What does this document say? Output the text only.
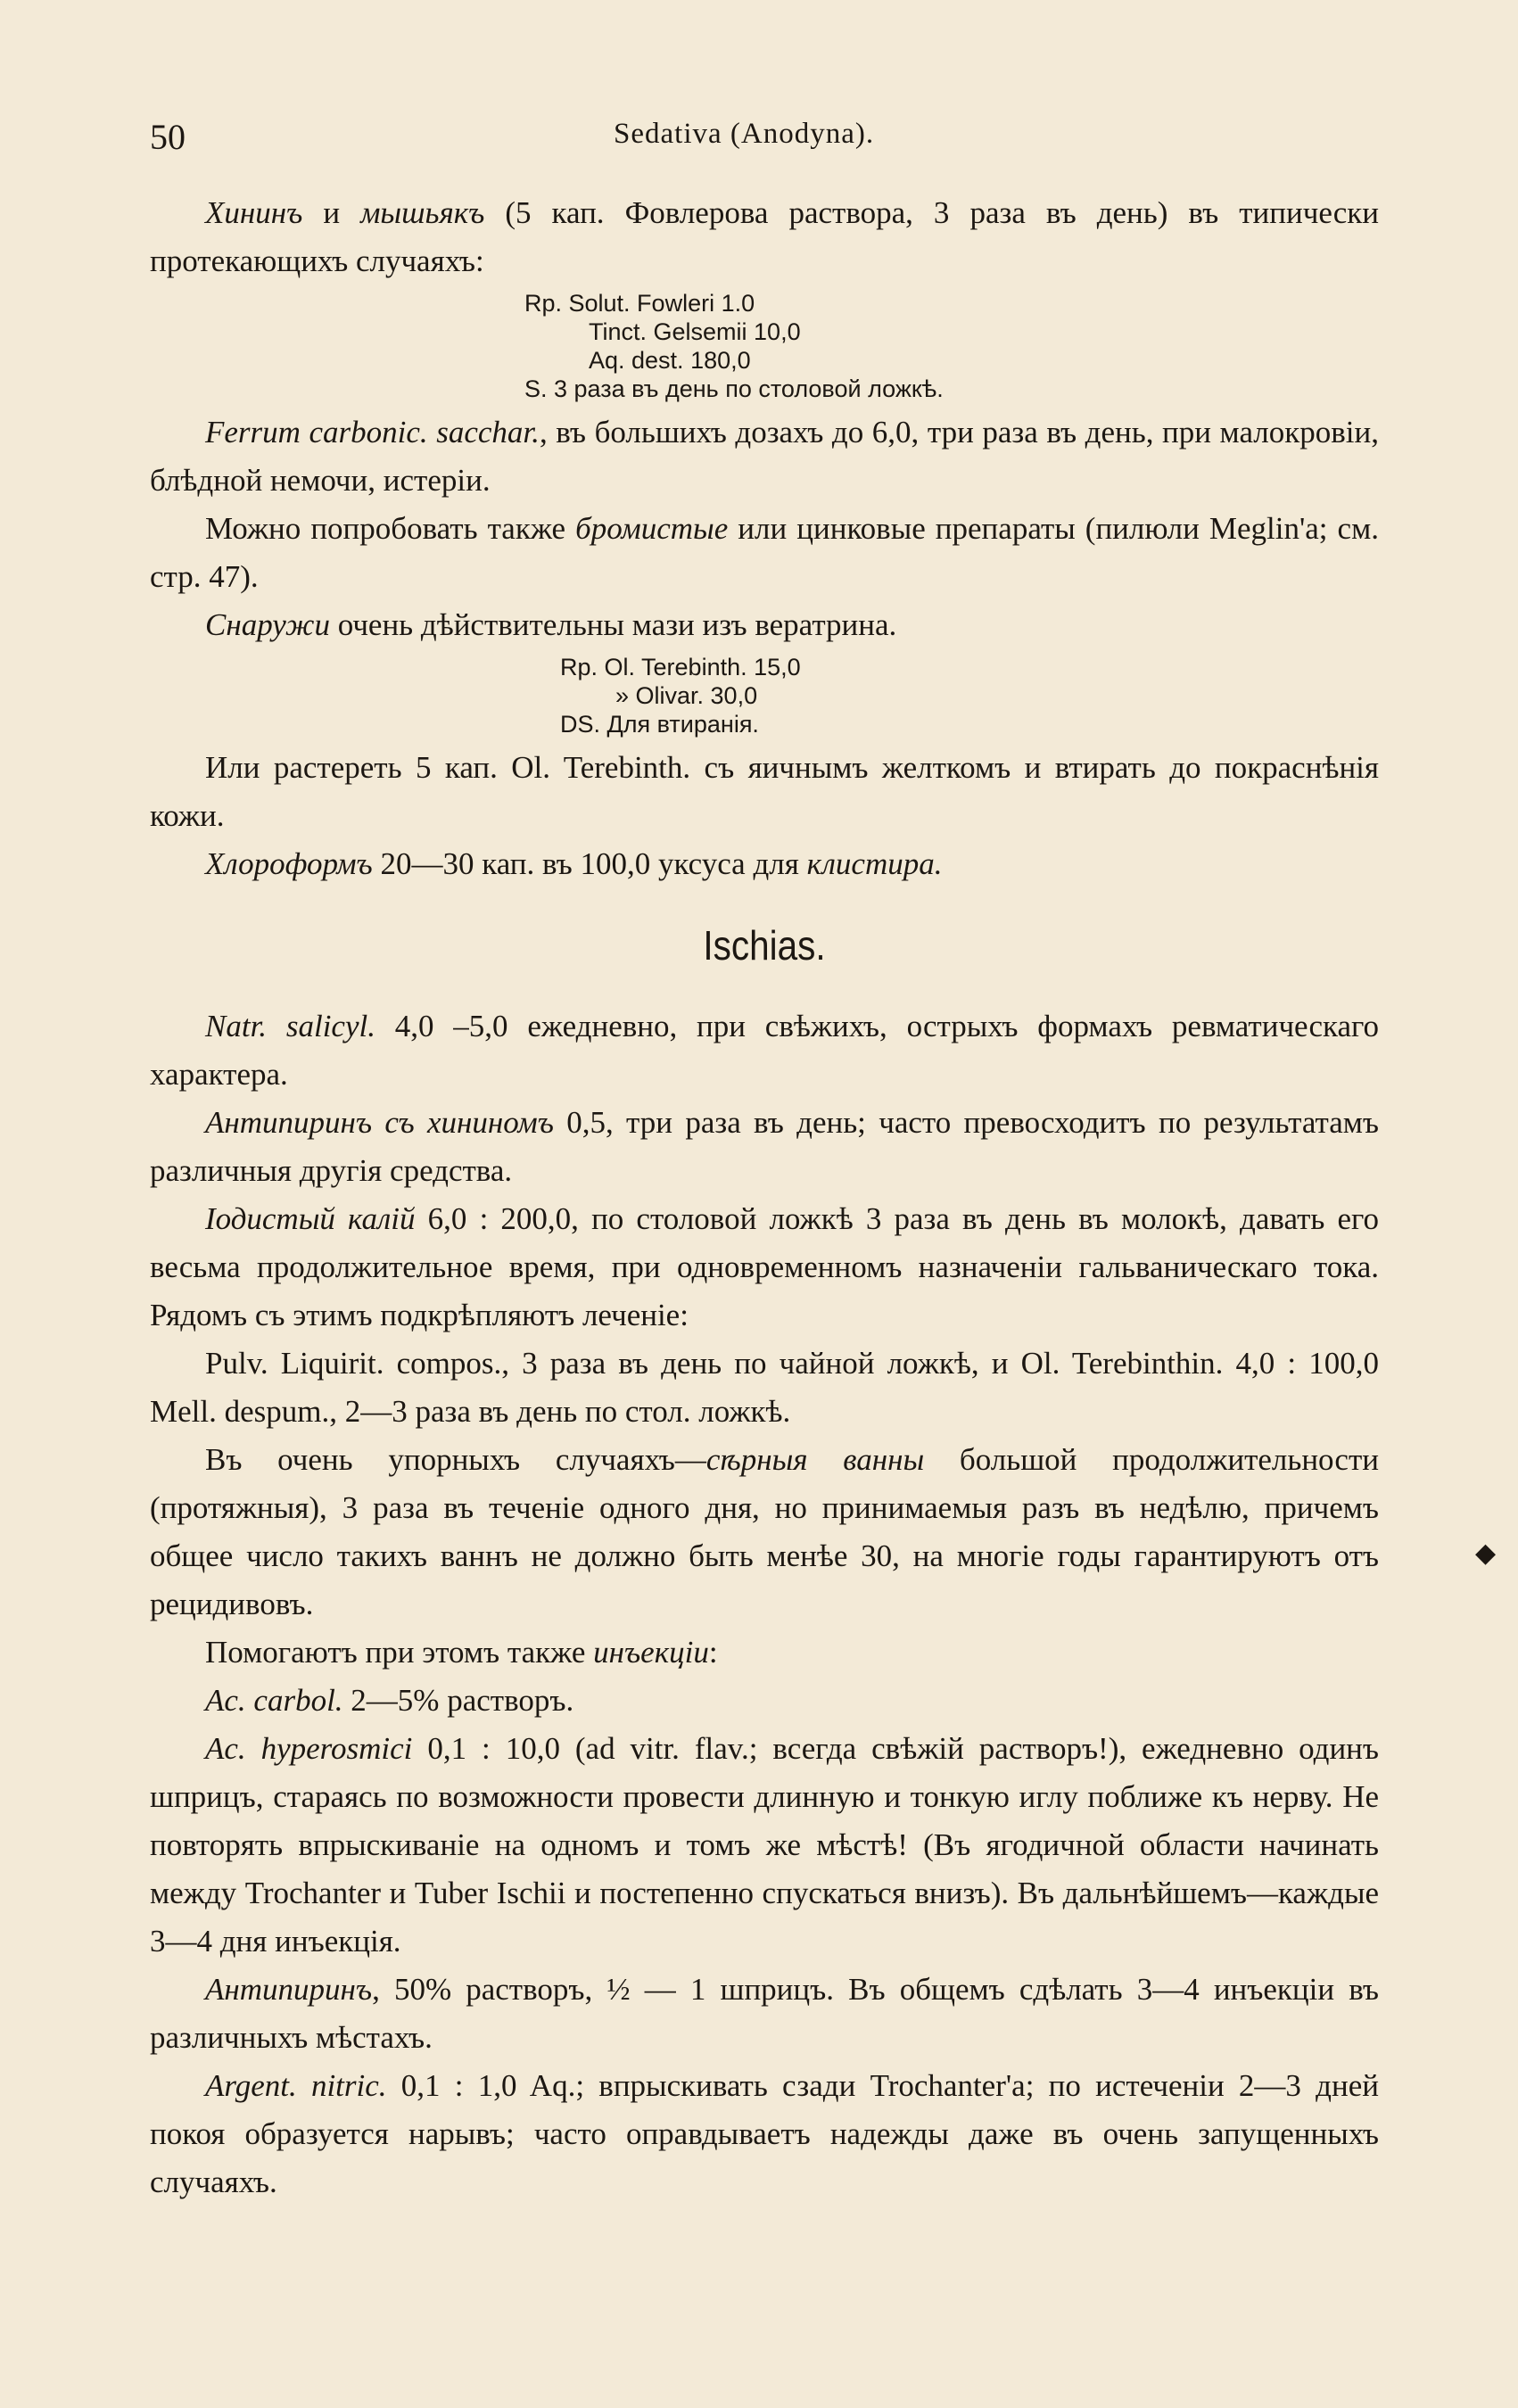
50	Sedativa (Anodyna).

Хининъ и мышьякъ (5 кап. Фовлерова раствора, 3 раза въ день) въ типически протекающихъ случаяхъ:

Rp. Solut. Fowleri 1.0
Tinct. Gelsemii 10,0
Aq. dest. 180,0
S. 3 раза въ день по столовой ложкѣ.

Ferrum carbonic. sacchar., въ большихъ дозахъ до 6,0, три раза въ день, при малокровіи, блѣдной немочи, истеріи.

Можно попробовать также бромистые или цинковые препараты (пилюли Meglin'а; см. стр. 47).

Снаружи очень дѣйствительны мази изъ вератрина.

Rp. Ol. Terebinth. 15,0
» Olivar. 30,0
DS. Для втиранія.

Или растереть 5 кап. Ol. Terebinth. съ яичнымъ желткомъ и втирать до покраснѣнія кожи.

Хлороформъ 20—30 кап. въ 100,0 уксуса для клистира.

Ischias.

Natr. salicyl. 4,0 –5,0 ежедневно, при свѣжихъ, острыхъ формахъ ревматическаго характера.

Антипиринъ съ хининомъ 0,5, три раза въ день; часто превосходитъ по результатамъ различныя другія средства.

Іодистый калій 6,0 : 200,0, по столовой ложкѣ 3 раза въ день въ молокѣ, давать его весьма продолжительное время, при одновременномъ назначеніи гальваническаго тока. Рядомъ съ этимъ подкрѣпляютъ леченіе:

Pulv. Liquirit. compos., 3 раза въ день по чайной ложкѣ, и Ol. Terebinthin. 4,0 : 100,0 Mell. despum., 2—3 раза въ день по стол. ложкѣ.

Въ очень упорныхъ случаяхъ—сѣрныя ванны большой продолжительности (протяжныя), 3 раза въ теченіе одного дня, но принимаемыя разъ въ недѣлю, причемъ общее число такихъ ваннъ не должно быть менѣе 30, на многіе годы гарантируютъ отъ рецидивовъ.

Помогаютъ при этомъ также инъекціи:

Ac. carbol. 2—5% растворъ.

Ac. hyperosmici 0,1 : 10,0 (ad vitr. flav.; всегда свѣжій растворъ!), ежедневно одинъ шприцъ, стараясь по возможности провести длинную и тонкую иглу поближе къ нерву. Не повторять впрыскиваніе на одномъ и томъ же мѣстѣ! (Въ ягодичной области начинать между Trochanter и Tuber Ischii и постепенно спускаться внизъ). Въ дальнѣйшемъ—каждые 3—4 дня инъекція.

Антипиринъ, 50% растворъ, ½ — 1 шприцъ. Въ общемъ сдѣлать 3—4 инъекціи въ различныхъ мѣстахъ.

Argent. nitric. 0,1 : 1,0 Aq.; впрыскивать сзади Trochanter'а; по истеченіи 2—3 дней покоя образуется нарывъ; часто оправдываетъ надежды даже въ очень запущенныхъ случаяхъ.

◆
